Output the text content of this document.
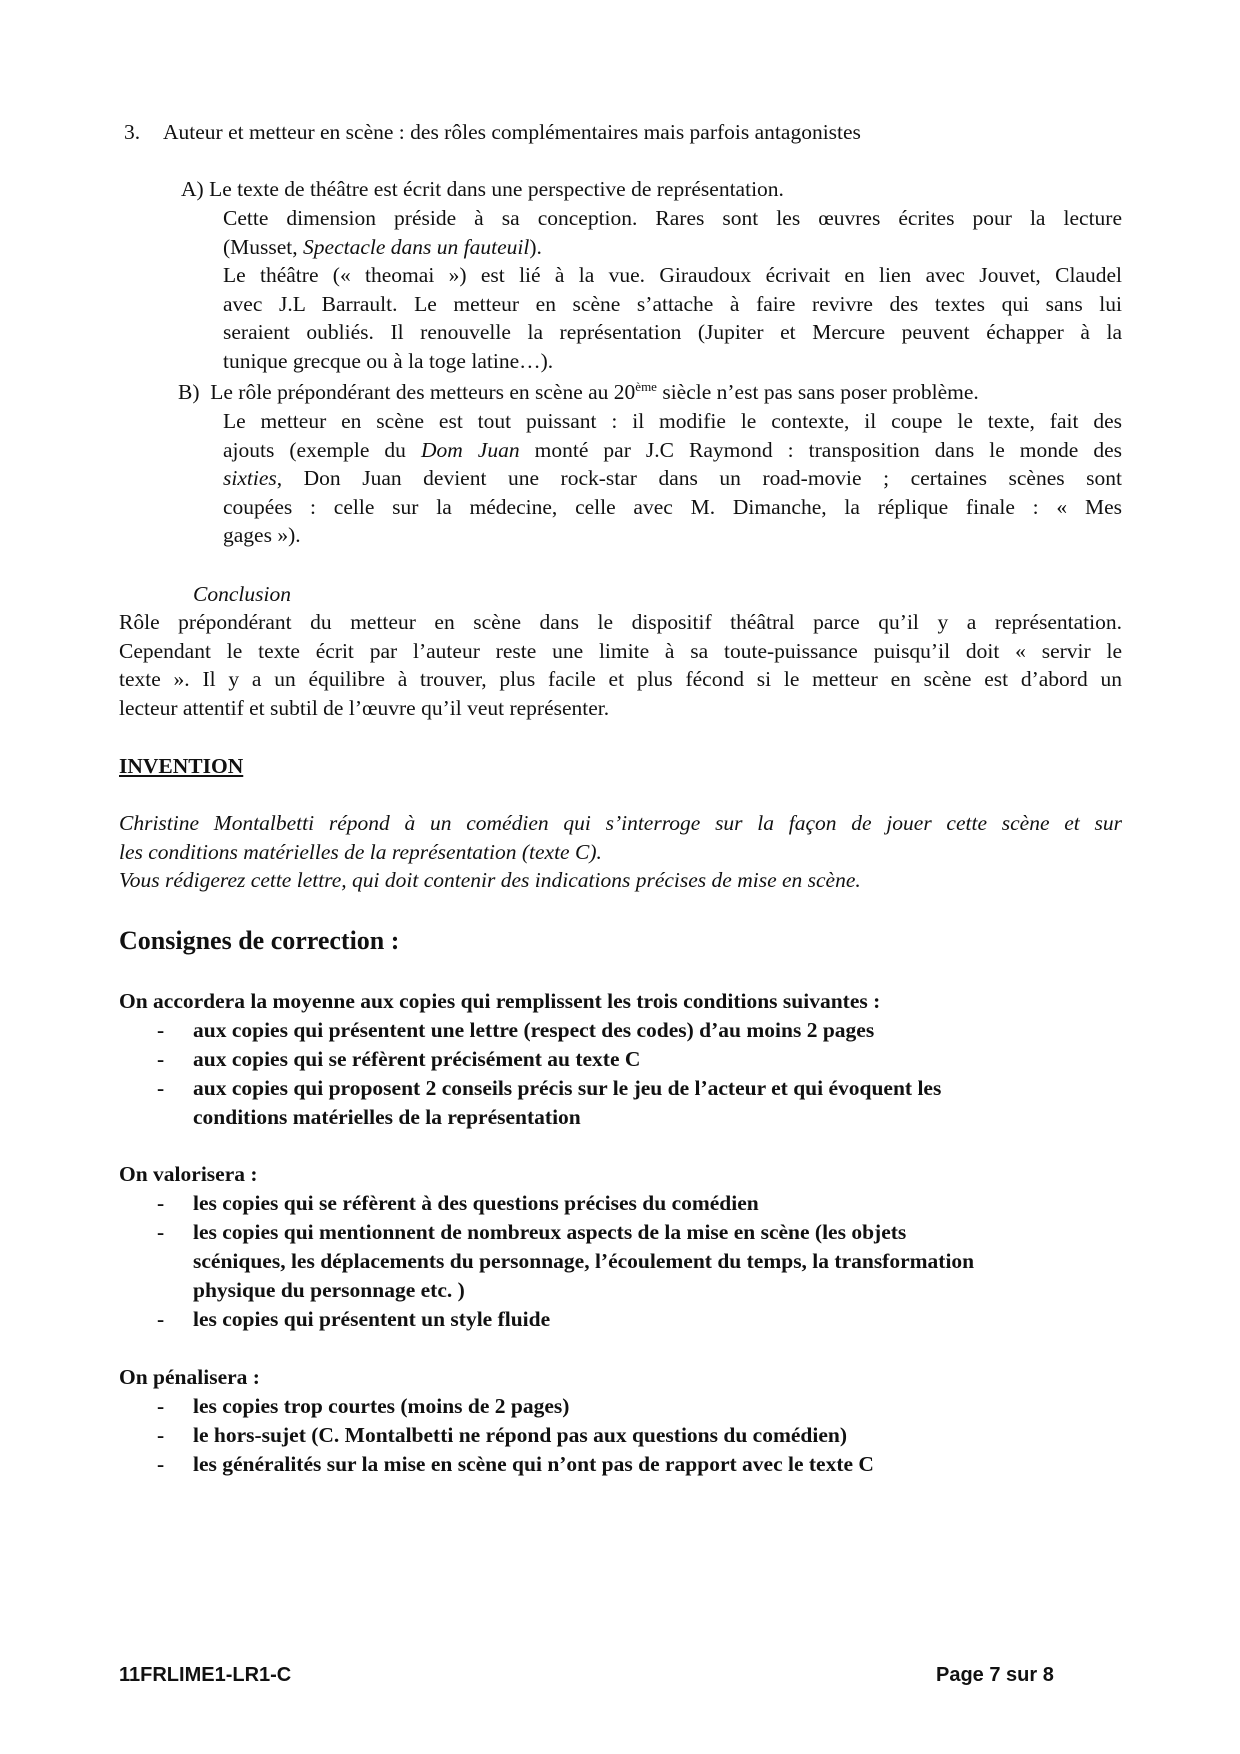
3. Auteur et metteur en scène : des rôles complémentaires mais parfois antagonistes
A) Le texte de théâtre est écrit dans une perspective de représentation.
Cette dimension préside à sa conception. Rares sont les œuvres écrites pour la lecture
(Musset, Spectacle dans un fauteuil).
Le théâtre (« theomai ») est lié à la vue. Giraudoux écrivait en lien avec Jouvet, Claudel
avec J.L Barrault. Le metteur en scène s’attache à faire revivre des textes qui sans lui
seraient oubliés. Il renouvelle la représentation (Jupiter et Mercure peuvent échapper à la
tunique grecque ou à la toge latine…).
B) Le rôle prépondérant des metteurs en scène au 20ème siècle n’est pas sans poser problème.
Le metteur en scène est tout puissant : il modifie le contexte, il coupe le texte, fait des
ajouts (exemple du Dom Juan monté par J.C Raymond : transposition dans le monde des
sixties, Don Juan devient une rock-star dans un road-movie ; certaines scènes sont
coupées : celle sur la médecine, celle avec M. Dimanche, la réplique finale : « Mes
gages »).
Conclusion
Rôle prépondérant du metteur en scène dans le dispositif théâtral parce qu’il y a représentation.
Cependant le texte écrit par l’auteur reste une limite à sa toute-puissance puisqu’il doit « servir le
texte ». Il y a un équilibre à trouver, plus facile et plus fécond si le metteur en scène est d’abord un
lecteur attentif et subtil de l’œuvre qu’il veut représenter.
INVENTION
Christine Montalbetti répond à un comédien qui s’interroge sur la façon de jouer cette scène et sur
les conditions matérielles de la représentation (texte C).
Vous rédigerez cette lettre, qui doit contenir des indications précises de mise en scène.
Consignes de correction :
On accordera la moyenne aux copies qui remplissent les trois conditions suivantes :
- aux copies qui présentent une lettre (respect des codes) d’au moins 2 pages
- aux copies qui se réfèrent précisément au texte C
- aux copies qui proposent 2 conseils précis sur le jeu de l’acteur et qui évoquent les
conditions matérielles de la représentation
On valorisera :
- les copies qui se réfèrent à des questions précises du comédien
- les copies qui mentionnent de nombreux aspects de la mise en scène (les objets
scéniques, les déplacements du personnage, l’écoulement du temps, la transformation
physique du personnage etc. )
- les copies qui présentent un style fluide
On pénalisera :
- les copies trop courtes (moins de 2 pages)
- le hors-sujet (C. Montalbetti ne répond pas aux questions du comédien)
- les généralités sur la mise en scène qui n’ont pas de rapport avec le texte C
11FRLIME1-LR1-C	Page 7 sur 8
